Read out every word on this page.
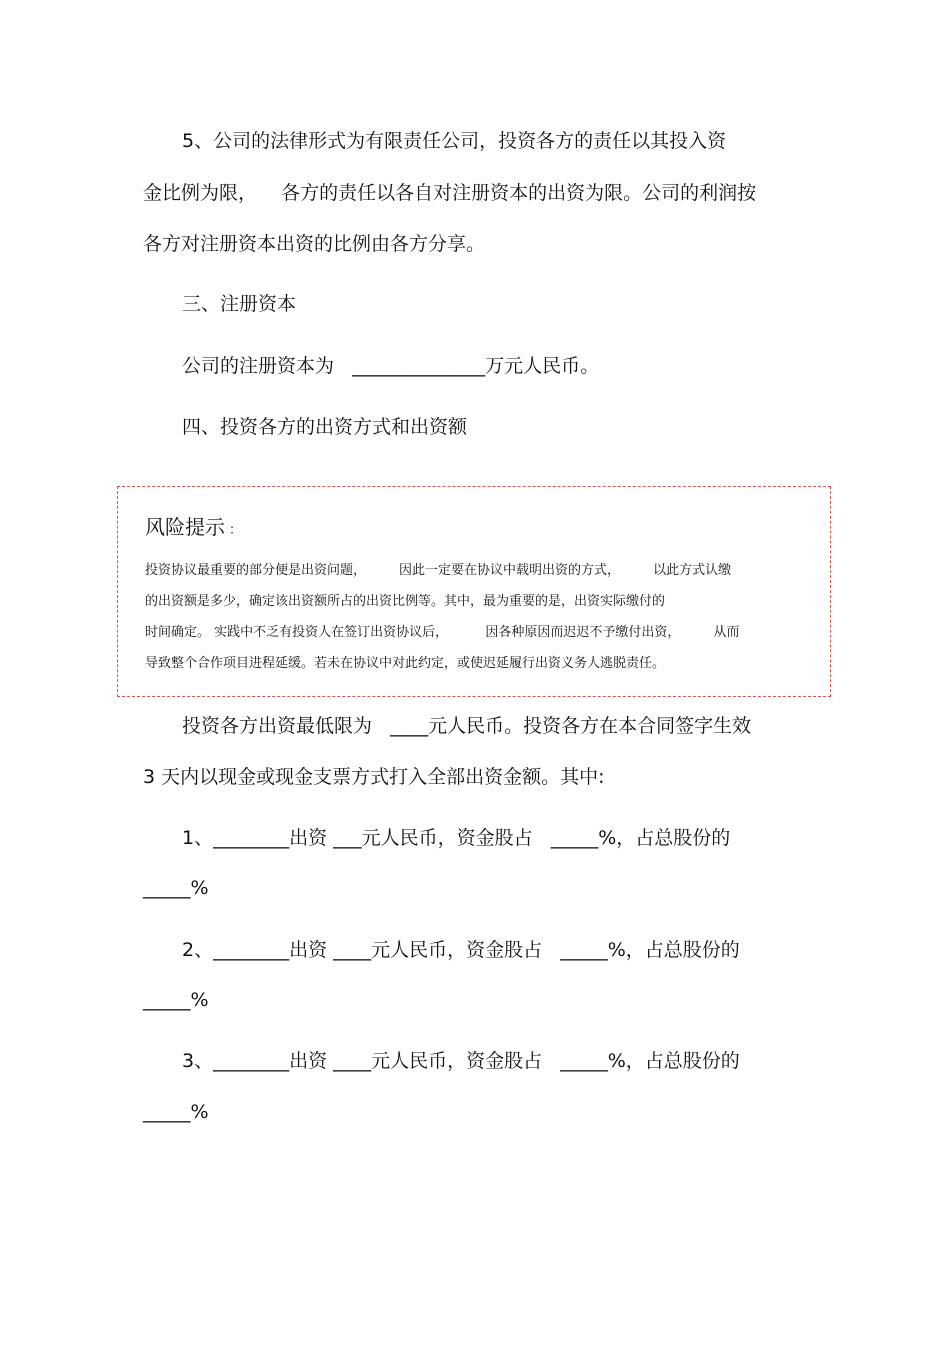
5、公司的法律形式为有限责任公司，投资各方的责任以其投入资
金比例为限，    各方的责任以各自对注册资本的出资为限。公司的利润按
各方对注册资本出资的比例由各方分享。
三、注册资本
公司的注册资本为   ______________万元人民币。
四、投资各方的出资方式和出资额
风险提示 ：
投资协议最重要的部分便是出资问题，        因此一定要在协议中载明出资的方式，        以此方式认缴
的出资额是多少，确定该出资额所占的出资比例等。其中，最为重要的是，出资实际缴付的
时间确定。 实践中不乏有投资人在签订出资协议后，         因各种原因而迟迟不予缴付出资，        从而
导致整个合作项目进程延缓。若未在协议中对此约定，或使迟延履行出资义务人逃脱责任。
投资各方出资最低限为   ____元人民币。投资各方在本合同签字生效
3 天内以现金或现金支票方式打入全部出资金额。其中:
1、________出资 ___元人民币，资金股占   _____%，占总股份的
_____%
2、________出资 ____元人民币，资金股占   _____%，占总股份的
_____%
3、________出资 ____元人民币，资金股占   _____%，占总股份的
_____%
